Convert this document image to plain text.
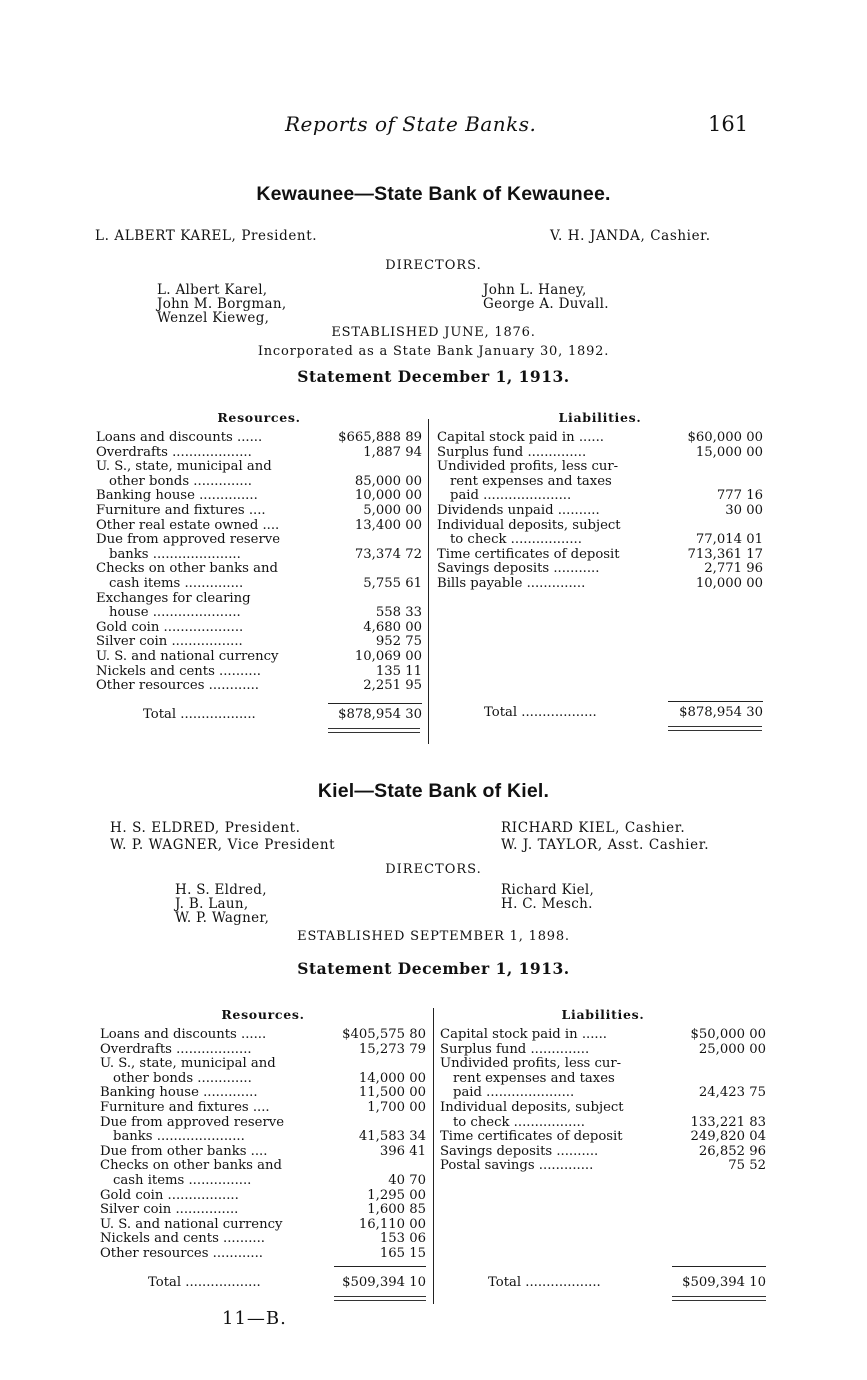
Reports of State Banks.	161
Kewaunee—State Bank of Kewaunee.
L. ALBERT KAREL, President.	V. H. JANDA, Cashier.
DIRECTORS.
L. Albert Karel,
John M. Borgman,
Wenzel Kieweg,
John L. Haney,
George A. Duvall.
ESTABLISHED JUNE, 1876.
Incorporated as a State Bank January 30, 1892.
Statement December 1, 1913.
Resources.
Loans and discounts ......	$665,888 89
Overdrafts ...................	1,887 94
U. S., state, municipal and
other bonds ..............	85,000 00
Banking house ..............	10,000 00
Furniture and fixtures ....	5,000 00
Other real estate owned ....	13,400 00
Due from approved reserve
banks .....................	73,374 72
Checks on other banks and
cash items ..............	5,755 61
Exchanges for clearing
house .....................	558 33
Gold coin ...................	4,680 00
Silver coin .................	952 75
U. S. and national currency	10,069 00
Nickels and cents ..........	135 11
Other resources ............	2,251 95
Liabilities.
Capital stock paid in ......	$60,000 00
Surplus fund ..............	15,000 00
Undivided profits, less cur-
rent expenses and taxes
paid .....................	777 16
Dividends unpaid ..........	30 00
Individual deposits, subject
to check .................	77,014 01
Time certificates of deposit	713,361 17
Savings deposits ...........	2,771 96
Bills payable ..............	10,000 00
Total ..................	$878,954 30	Total ..................	$878,954 30
Kiel—State Bank of Kiel.
H. S. ELDRED, President.
W. P. WAGNER, Vice President
RICHARD KIEL, Cashier.
W. J. TAYLOR, Asst. Cashier.
DIRECTORS.
H. S. Eldred,
J. B. Laun,
W. P. Wagner,
Richard Kiel,
H. C. Mesch.
ESTABLISHED SEPTEMBER 1, 1898.
Statement December 1, 1913.
Resources.
Loans and discounts ......	$405,575 80
Overdrafts ..................	15,273 79
U. S., state, municipal and
other bonds .............	14,000 00
Banking house .............	11,500 00
Furniture and fixtures ....	1,700 00
Due from approved reserve
banks .....................	41,583 34
Due from other banks ....	396 41
Checks on other banks and
cash items ...............	40 70
Gold coin .................	1,295 00
Silver coin ...............	1,600 85
U. S. and national currency	16,110 00
Nickels and cents ..........	153 06
Other resources ............	165 15
Liabilities.
Capital stock paid in ......	$50,000 00
Surplus fund ..............	25,000 00
Undivided profits, less cur-
rent expenses and taxes
paid .....................	24,423 75
Individual deposits, subject
to check .................	133,221 83
Time certificates of deposit	249,820 04
Savings deposits ..........	26,852 96
Postal savings .............	75 52
Total ..................	$509,394 10	Total ..................	$509,394 10
11—B.
